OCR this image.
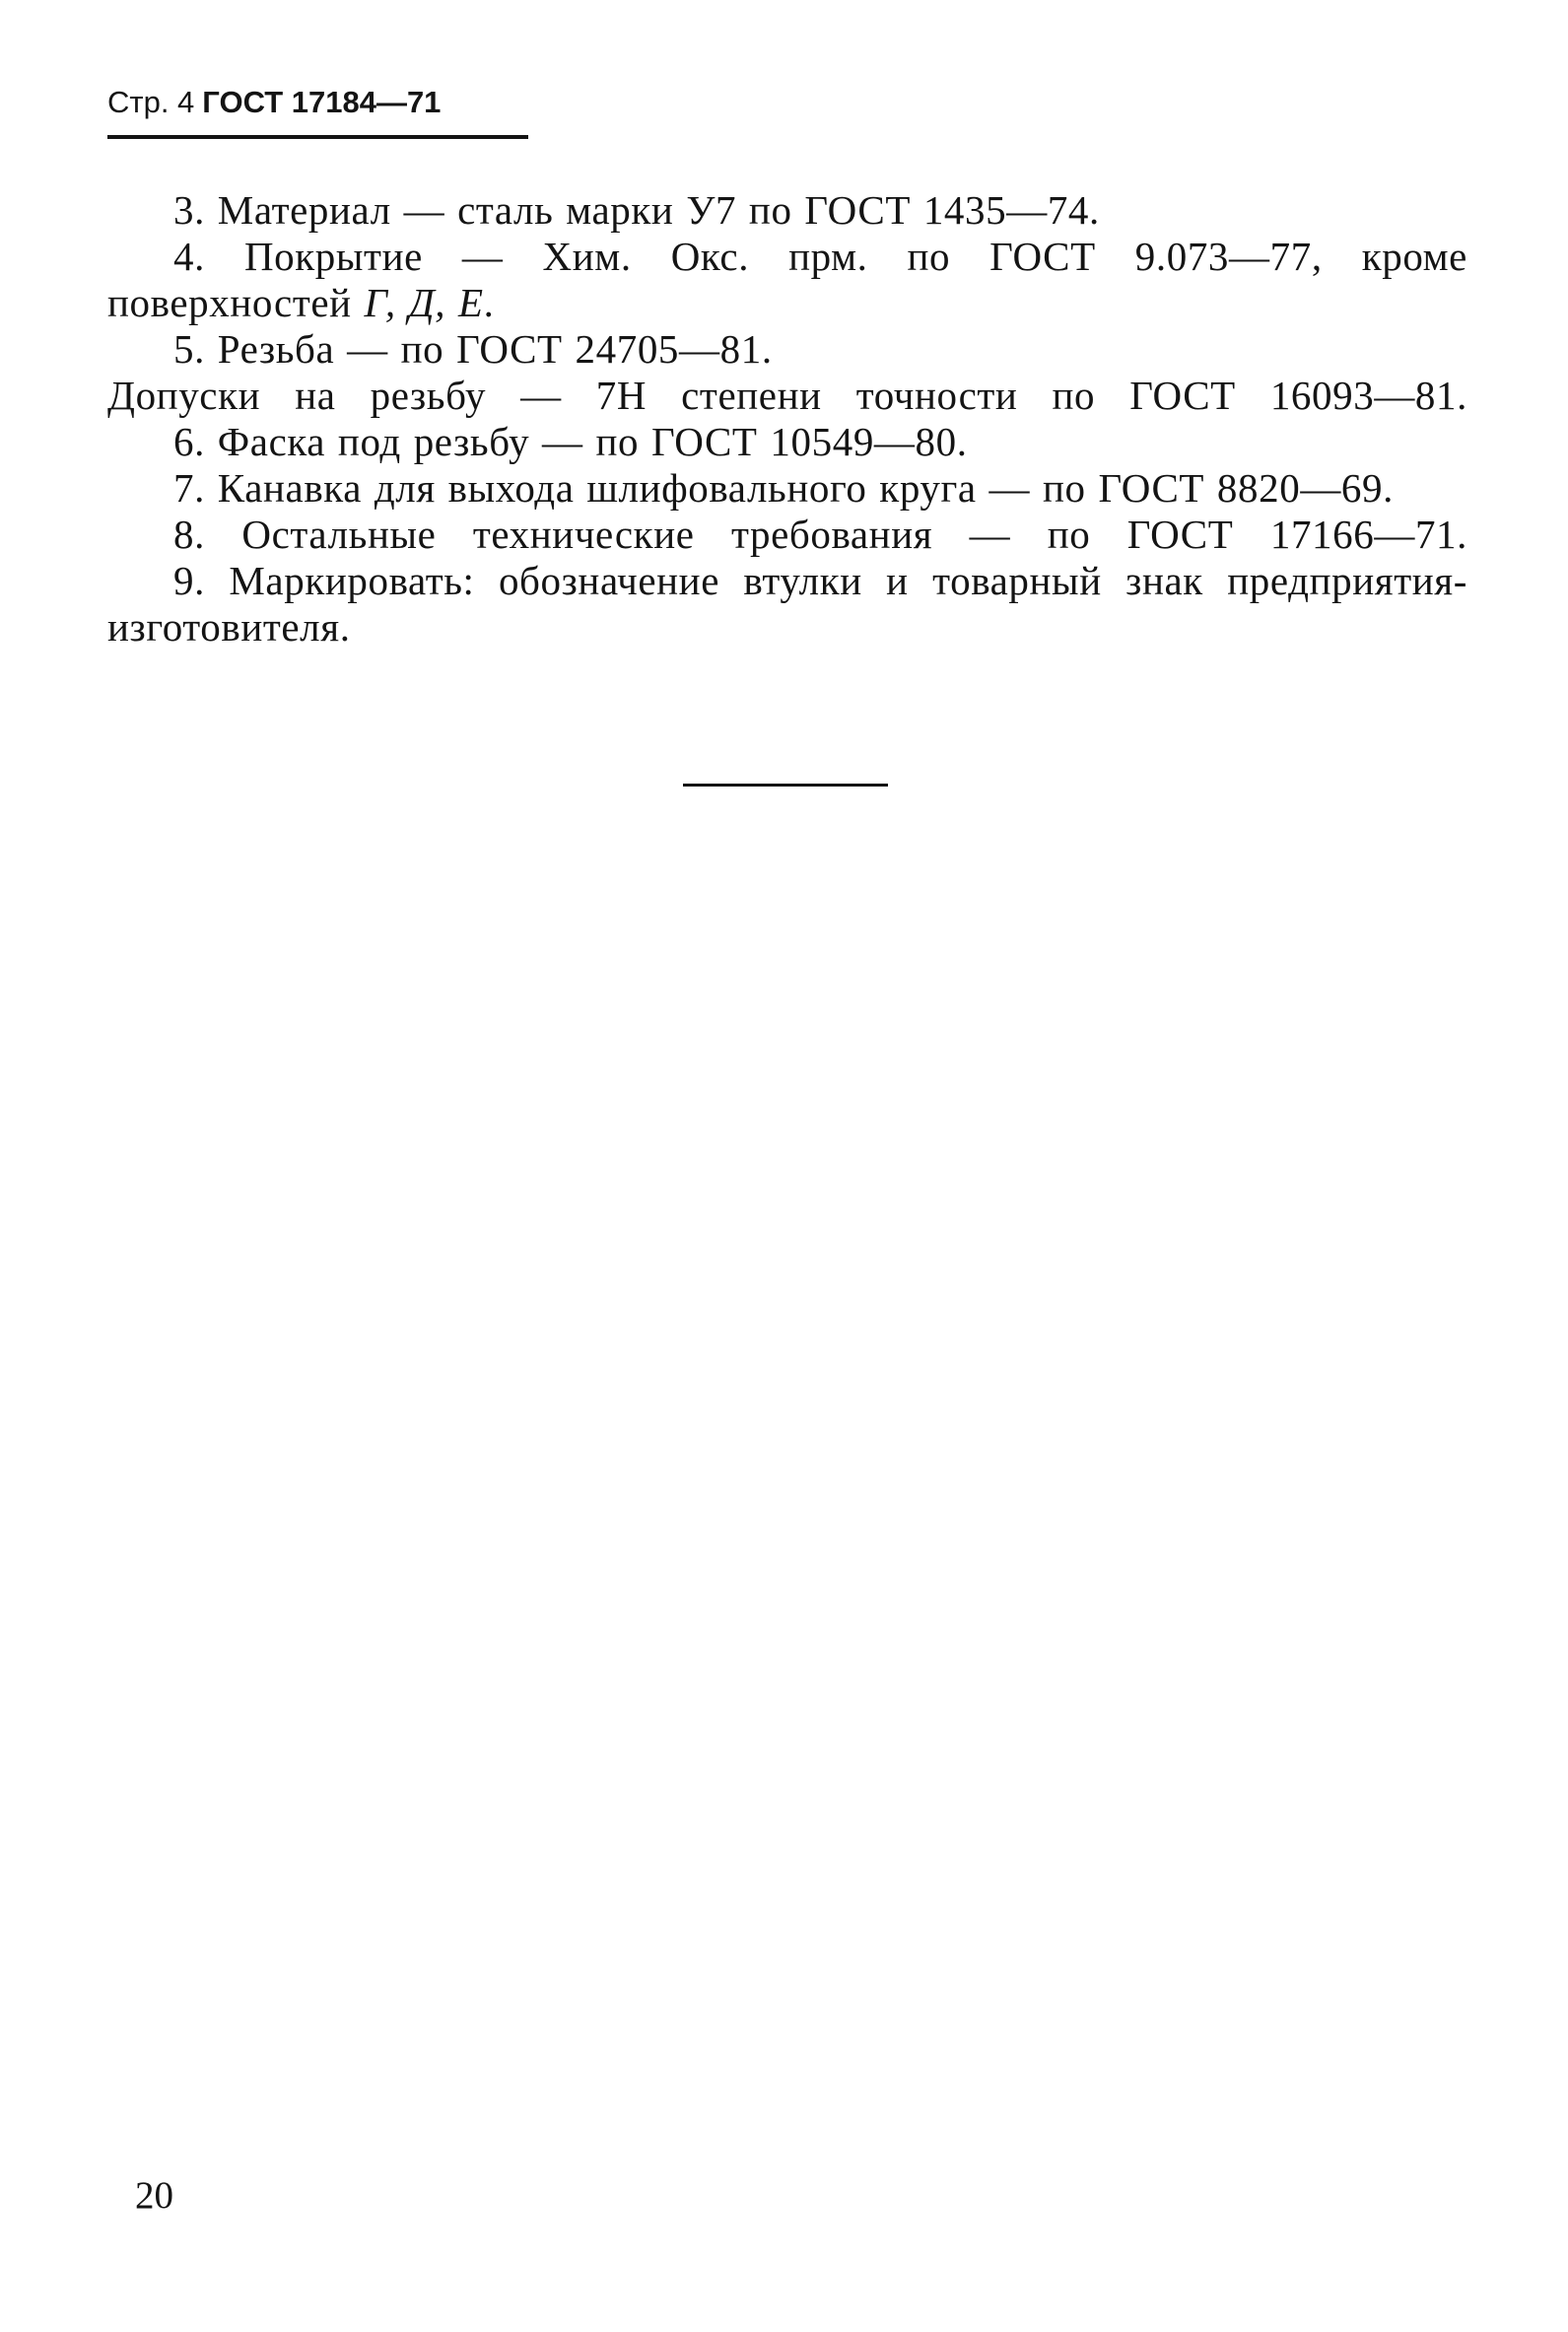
Стр. 4 ГОСТ 17184—71

3. Материал — сталь марки У7 по ГОСТ 1435—74.

4. Покрытие — Хим. Окс. прм. по ГОСТ 9.073—77, кроме поверхностей Г, Д, Е.

5. Резьба — по ГОСТ 24705—81.

Допуски на резьбу — 7Н степени точности по ГОСТ 16093—81.

6. Фаска под резьбу — по ГОСТ 10549—80.

7. Канавка для выхода шлифовального круга — по ГОСТ 8820—69.

8. Остальные технические требования — по ГОСТ 17166—71.

9. Маркировать: обозначение втулки и товарный знак предприятия-изготовителя.

20
